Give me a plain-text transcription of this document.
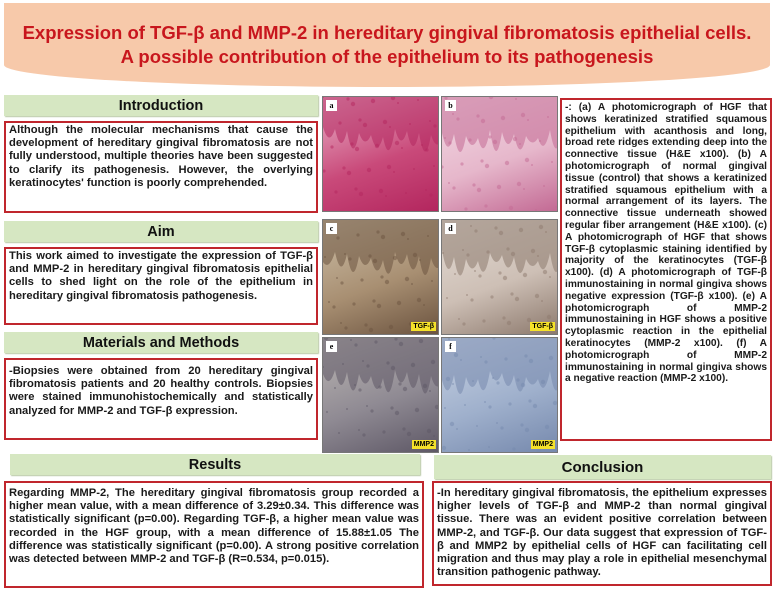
Expression of TGF-β and MMP-2 in hereditary gingival fibromatosis epithelial cells. A possible contribution of the epithelium to its pathogenesis
Introduction
Although the molecular mechanisms that cause the development of hereditary gingival fibromatosis are not fully understood, multiple theories have been suggested to clarify its pathogenesis. However, the overlying keratinocytes' function is poorly comprehended.
Aim
This work aimed to investigate the expression of TGF-β and MMP-2 in hereditary gingival fibromatosis epithelial cells to shed light on the role of the epithelium in hereditary gingival fibromatosis pathogenesis.
Materials and Methods
-Biopsies were obtained from 20 hereditary gingival fibromatosis patients and 20 healthy controls. Biopsies were stained immunohistochemically and statistically analyzed for MMP-2 and TGF-β expression.
a	b
c
TGF-β
d
TGF-β
e
MMP2
f
MMP2
-: (a) A photomicrograph of HGF that shows keratinized stratified squamous epithelium with acanthosis and long, broad rete ridges extending deep into the connective tissue (H&E x100). (b) A photomicrograph of normal gingival tissue (control) that shows a keratinized stratified squamous epithelium with a normal arrangement of its layers. The connective tissue underneath showed regular fiber arrangement (H&E x100). (c) A photomicrograph of HGF that shows TGF-β cytoplasmic staining identified by majority of the keratinocytes (TGF-β x100). (d) A photomicrograph of TGF-β immunostaining in normal gingiva shows negative expression (TGF-β x100). (e) A photomicrograph of MMP-2 immunostaining in HGF shows a positive cytoplasmic reaction in the epithelial keratinocytes (MMP-2 x100). (f) A photomicrograph of MMP-2 immunostaining in normal gingiva shows a negative reaction (MMP-2 x100).
Results
Regarding MMP-2, The hereditary gingival fibromatosis group recorded a higher mean value, with a mean difference of 3.29±0.34. This difference was statistically significant (p=0.00). Regarding TGF-β, a higher mean value was recorded in the HGF group, with a mean difference of 15.88±1.05 The difference was statistically significant (p=0.00). A strong positive correlation was detected between MMP-2 and TGF-β (R=0.534, p=0.015).
Conclusion
-In hereditary gingival fibromatosis, the epithelium expresses higher levels of TGF-β and MMP-2 than normal gingival tissue. There was an evident positive correlation between MMP-2, and TGF-β. Our data suggest that expression of TGF-β and MMP2 by epithelial cells of HGF can facilitating cell migration and thus may play a role in epithelial mesenchymal transition pathogenic pathway.
